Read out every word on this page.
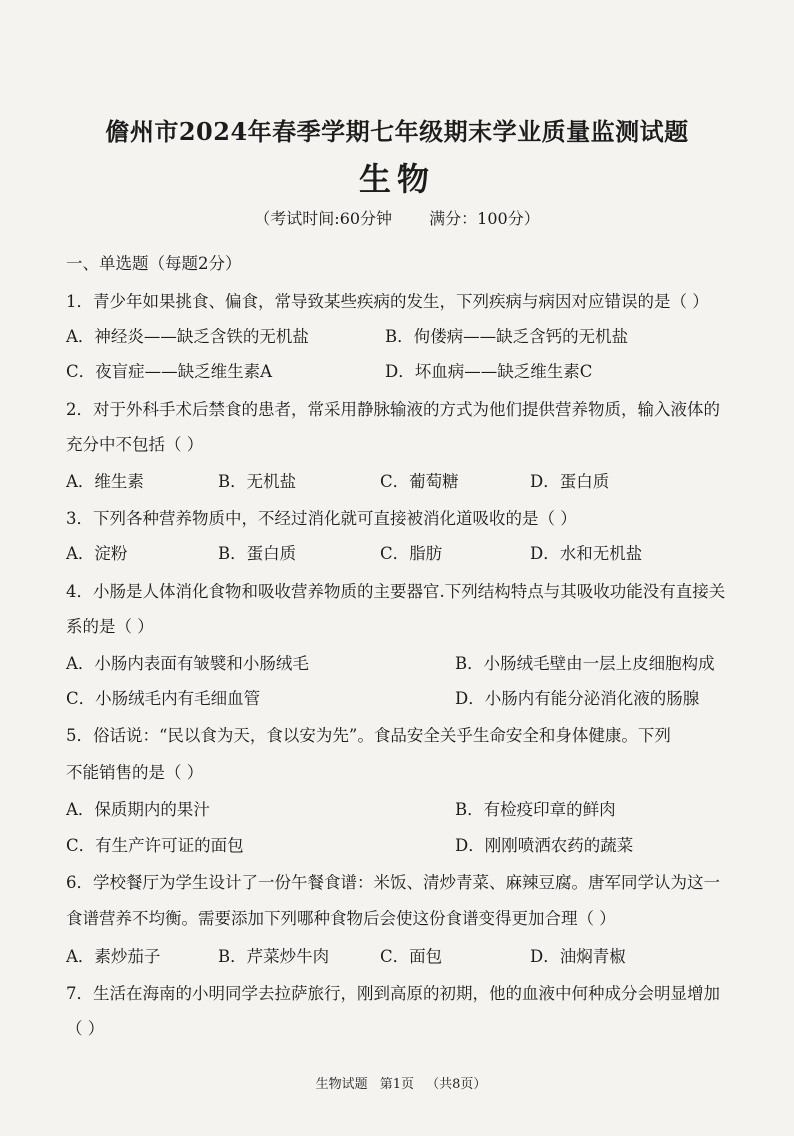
儋州市2024年春季学期七年级期末学业质量监测试题
生物
（考试时间:60分钟 满分：100分）
一、单选题（每题2分）
1．青少年如果挑食、偏食，常导致某些疾病的发生，下列疾病与病因对应错误的是（ ）
A．神经炎——缺乏含铁的无机盐	B．佝偻病——缺乏含钙的无机盐
C．夜盲症——缺乏维生素A	D．坏血病——缺乏维生素C
2．对于外科手术后禁食的患者，常采用静脉输液的方式为他们提供营养物质，输入液体的
充分中不包括（ ）
A．维生素	B．无机盐	C．葡萄糖	D．蛋白质
3．下列各种营养物质中，不经过消化就可直接被消化道吸收的是（ ）
A．淀粉	B．蛋白质	C．脂肪	D．水和无机盐
4．小肠是人体消化食物和吸收营养物质的主要器官.下列结构特点与其吸收功能没有直接关
系的是（ ）
A．小肠内表面有皱襞和小肠绒毛	B．小肠绒毛壁由一层上皮细胞构成
C．小肠绒毛内有毛细血管	D．小肠内有能分泌消化液的肠腺
5．俗话说：“民以食为天，食以安为先”。食品安全关乎生命安全和身体健康。下列
不能销售的是（ ）
A．保质期内的果汁	B．有检疫印章的鲜肉
C．有生产许可证的面包	D．刚刚喷洒农药的蔬菜
6．学校餐厅为学生设计了一份午餐食谱：米饭、清炒青菜、麻辣豆腐。唐军同学认为这一
食谱营养不均衡。需要添加下列哪种食物后会使这份食谱变得更加合理（ ）
A．素炒茄子	B．芹菜炒牛肉	C．面包	D．油焖青椒
7．生活在海南的小明同学去拉萨旅行，刚到高原的初期，他的血液中何种成分会明显增加
（ ）
生物试题 第1页 （共8页）
